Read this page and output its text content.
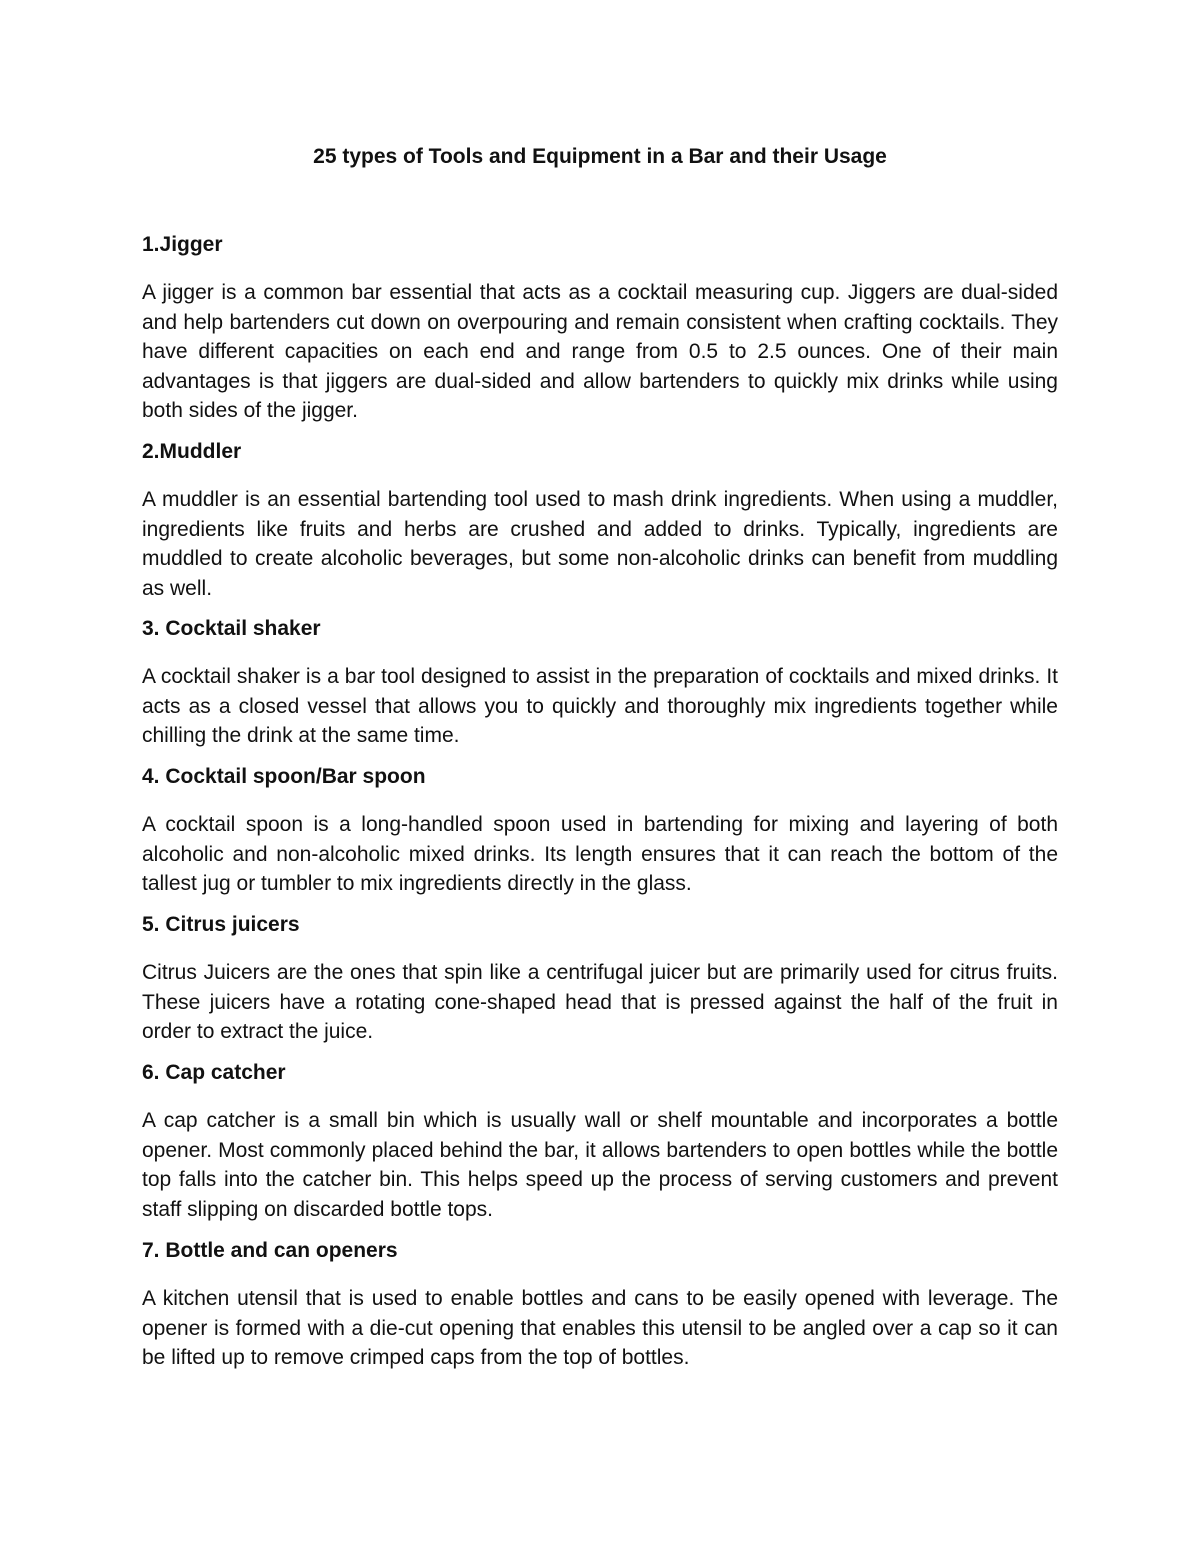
25 types of Tools and Equipment in a Bar and their Usage
1.Jigger

A jigger is a common bar essential that acts as a cocktail measuring cup. Jiggers are dual-sided and help bartenders cut down on overpouring and remain consistent when crafting cocktails. They have different capacities on each end and range from 0.5 to 2.5 ounces. One of their main advantages is that jiggers are dual-sided and allow bartenders to quickly mix drinks while using both sides of the jigger.

2.Muddler

A muddler is an essential bartending tool used to mash drink ingredients. When using a muddler, ingredients like fruits and herbs are crushed and added to drinks. Typically, ingredients are muddled to create alcoholic beverages, but some non-alcoholic drinks can benefit from muddling as well.

3. Cocktail shaker

A cocktail shaker is a bar tool designed to assist in the preparation of cocktails and mixed drinks. It acts as a closed vessel that allows you to quickly and thoroughly mix ingredients together while chilling the drink at the same time.

4. Cocktail spoon/Bar spoon

A cocktail spoon is a long-handled spoon used in bartending for mixing and layering of both alcoholic and non-alcoholic mixed drinks. Its length ensures that it can reach the bottom of the tallest jug or tumbler to mix ingredients directly in the glass.

5. Citrus juicers

Citrus Juicers are the ones that spin like a centrifugal juicer but are primarily used for citrus fruits. These juicers have a rotating cone-shaped head that is pressed against the half of the fruit in order to extract the juice.

6. Cap catcher

A cap catcher is a small bin which is usually wall or shelf mountable and incorporates a bottle opener. Most commonly placed behind the bar, it allows bartenders to open bottles while the bottle top falls into the catcher bin. This helps speed up the process of serving customers and prevent staff slipping on discarded bottle tops.

7. Bottle and can openers

A kitchen utensil that is used to enable bottles and cans to be easily opened with leverage. The opener is formed with a die-cut opening that enables this utensil to be angled over a cap so it can be lifted up to remove crimped caps from the top of bottles.
